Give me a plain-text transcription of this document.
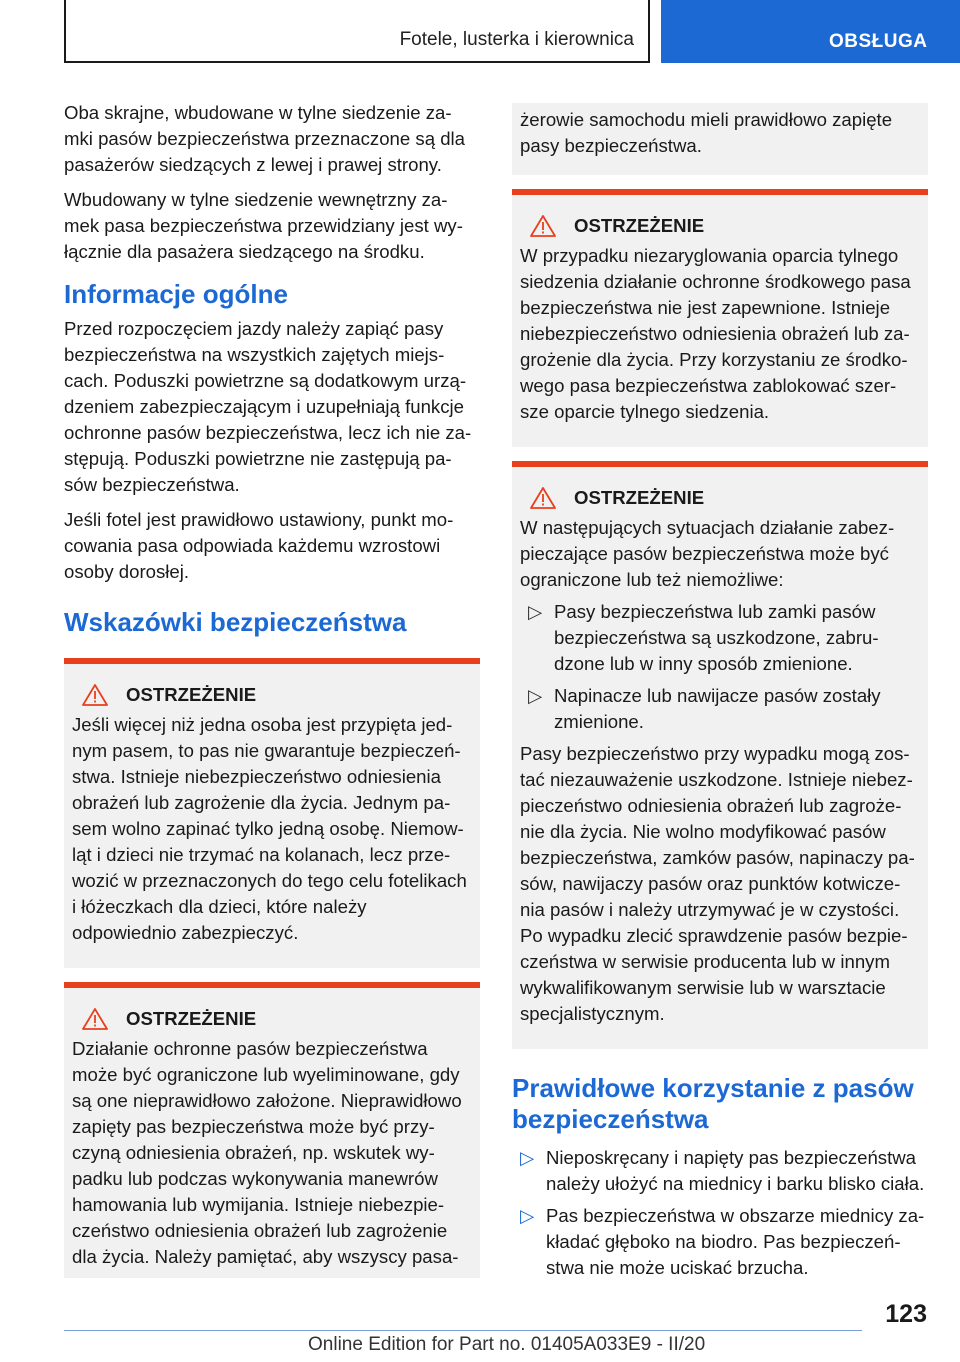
Fotele, lusterka i kierownica	OBSŁUGA

Oba skrajne, wbudowane w tylne siedzenie za-mki pasów bezpieczeństwa przeznaczone są dla pasażerów siedzących z lewej i prawej strony.

Wbudowany w tylne siedzenie wewnętrzny za-mek pasa bezpieczeństwa przewidziany jest wy-łącznie dla pasażera siedzącego na środku.

Informacje ogólne

Przed rozpoczęciem jazdy należy zapiąć pasy bezpieczeństwa na wszystkich zajętych miejs-cach. Poduszki powietrzne są dodatkowym urzą-dzeniem zabezpieczającym i uzupełniają funkcje ochronne pasów bezpieczeństwa, lecz ich nie za-stępują. Poduszki powietrzne nie zastępują pa-sów bezpieczeństwa.

Jeśli fotel jest prawidłowo ustawiony, punkt mo-cowania pasa odpowiada każdemu wzrostowi osoby dorosłej.

Wskazówki bezpieczeństwa
OSTRZEŻENIE

Jeśli więcej niż jedna osoba jest przypięta jed-nym pasem, to pas nie gwarantuje bezpieczeń-stwa. Istnieje niebezpieczeństwo odniesienia obrażeń lub zagrożenie dla życia. Jednym pa-sem wolno zapinać tylko jedną osobę. Niemow-ląt i dzieci nie trzymać na kolanach, lecz prze-wozić w przeznaczonych do tego celu fotelikach i łóżeczkach dla dzieci, które należy odpowiednio zabezpieczyć.

OSTRZEŻENIE

Działanie ochronne pasów bezpieczeństwa może być ograniczone lub wyeliminowane, gdy są one nieprawidłowo założone. Nieprawidłowo zapięty pas bezpieczeństwa może być przy-czyną odniesienia obrażeń, np. wskutek wy-padku lub podczas wykonywania manewrów hamowania lub wymijania. Istnieje niebezpie-czeństwo odniesienia obrażeń lub zagrożenie dla życia. Należy pamiętać, aby wszyscy pasa-

żerowie samochodu mieli prawidłowo zapięte pasy bezpieczeństwa.

OSTRZEŻENIE

W przypadku niezaryglowania oparcia tylnego siedzenia działanie ochronne środkowego pasa bezpieczeństwa nie jest zapewnione. Istnieje niebezpieczeństwo odniesienia obrażeń lub za-grożenie dla życia. Przy korzystaniu ze środko-wego pasa bezpieczeństwa zablokować szer-sze oparcie tylnego siedzenia.

OSTRZEŻENIE

W następujących sytuacjach działanie zabez-pieczające pasów bezpieczeństwa może być ograniczone lub też niemożliwe:

▷ Pasy bezpieczeństwa lub zamki pasów bezpieczeństwa są uszkodzone, zabru-dzone lub w inny sposób zmienione.
▷ Napinacze lub nawijacze pasów zostały zmienione.

Pasy bezpieczeństwo przy wypadku mogą zos-tać niezauważenie uszkodzone. Istnieje niebez-pieczeństwo odniesienia obrażeń lub zagroże-nie dla życia. Nie wolno modyfikować pasów bezpieczeństwa, zamków pasów, napinaczy pa-sów, nawijaczy pasów oraz punktów kotwicze-nia pasów i należy utrzymywać je w czystości. Po wypadku zlecić sprawdzenie pasów bezpie-czeństwa w serwisie producenta lub w innym wykwalifikowanym serwisie lub w warsztacie specjalistycznym.

Prawidłowe korzystanie z pasów bezpieczeństwa
▷ Nieposkręcany i napięty pas bezpieczeństwa należy ułożyć na miednicy i barku blisko ciała.
▷ Pas bezpieczeństwa w obszarze miednicy za-kładać głęboko na biodro. Pas bezpieczeń-stwa nie może uciskać brzucha.
123
Online Edition for Part no. 01405A033E9 - II/20
